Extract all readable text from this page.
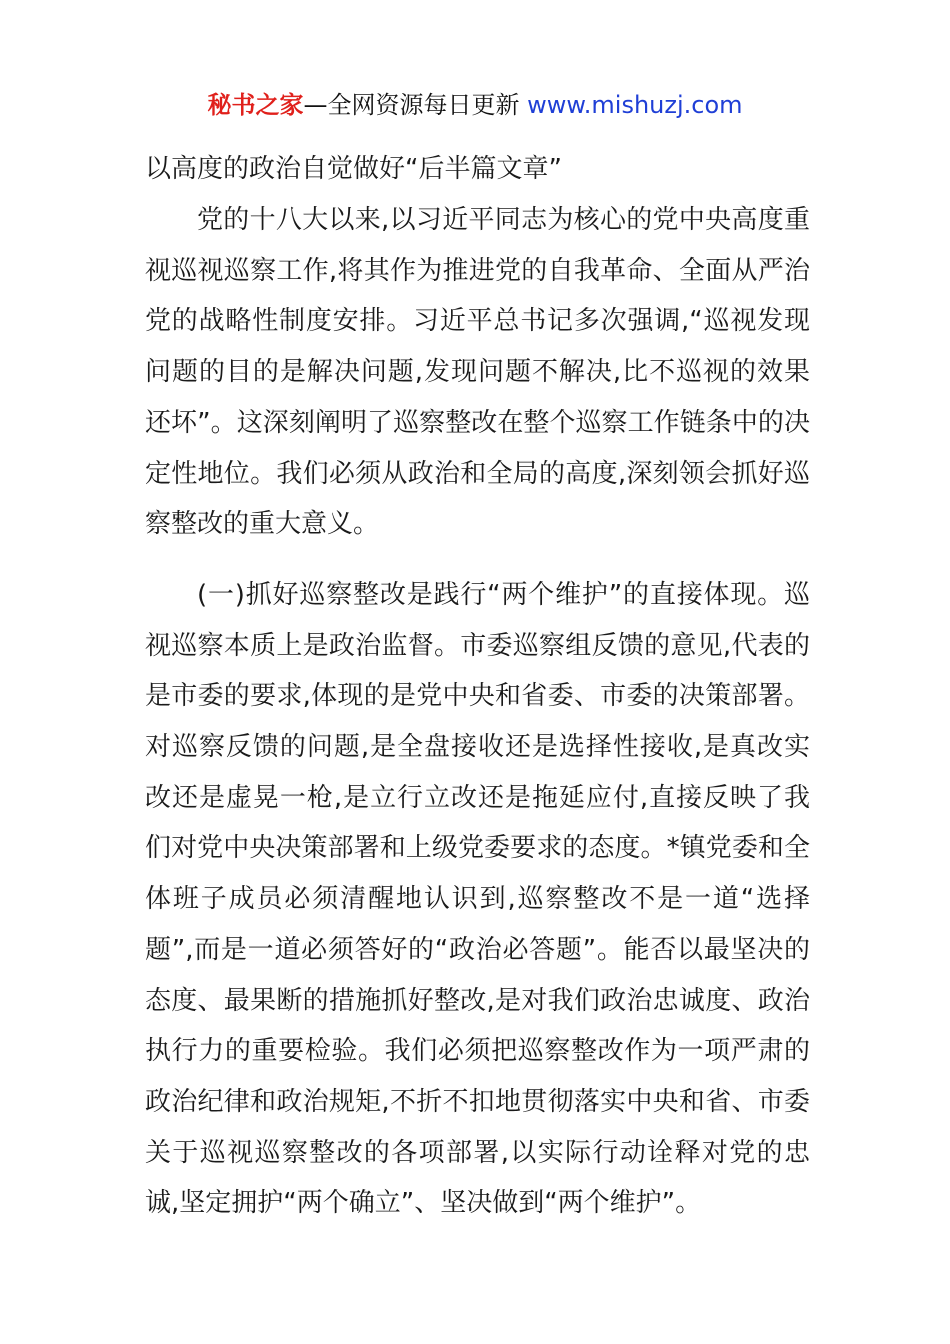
秘书之家—全网资源每日更新 www.mishuzj.com

以高度的政治自觉做好“后半篇文章”

党的十八大以来,以习近平同志为核心的党中央高度重视巡视巡察工作,将其作为推进党的自我革命、全面从严治党的战略性制度安排。习近平总书记多次强调,“巡视发现问题的目的是解决问题,发现问题不解决,比不巡视的效果还坏”。这深刻阐明了巡察整改在整个巡察工作链条中的决定性地位。我们必须从政治和全局的高度,深刻领会抓好巡察整改的重大意义。

(一)抓好巡察整改是践行“两个维护”的直接体现。巡视巡察本质上是政治监督。市委巡察组反馈的意见,代表的是市委的要求,体现的是党中央和省委、市委的决策部署。对巡察反馈的问题,是全盘接收还是选择性接收,是真改实改还是虚晃一枪,是立行立改还是拖延应付,直接反映了我们对党中央决策部署和上级党委要求的态度。*镇党委和全体班子成员必须清醒地认识到,巡察整改不是一道“选择题”,而是一道必须答好的“政治必答题”。能否以最坚决的态度、最果断的措施抓好整改,是对我们政治忠诚度、政治执行力的重要检验。我们必须把巡察整改作为一项严肃的政治纪律和政治规矩,不折不扣地贯彻落实中央和省、市委关于巡视巡察整改的各项部署,以实际行动诠释对党的忠诚,坚定拥护“两个确立”、坚决做到“两个维护”。
